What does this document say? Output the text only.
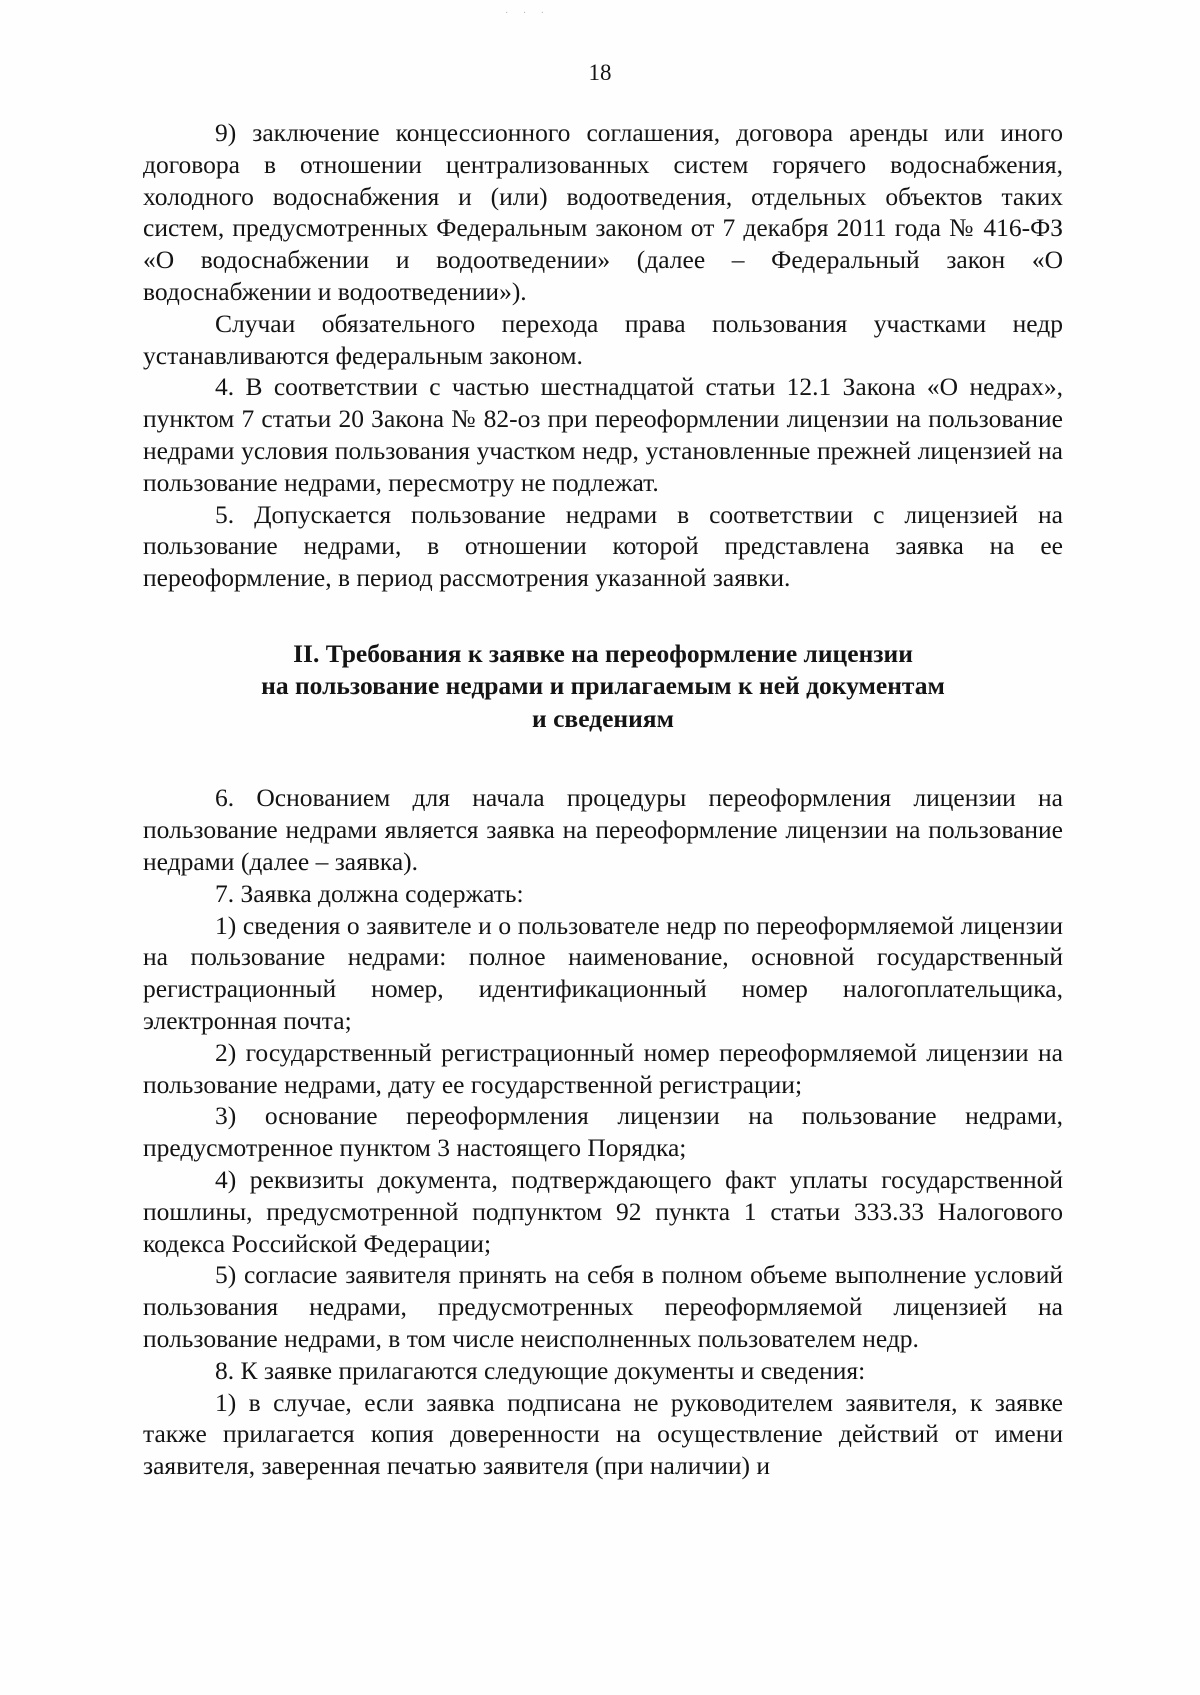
· · ·
18

9) заключение концессионного соглашения, договора аренды или иного договора в отношении централизованных систем горячего водоснабжения, холодного водоснабжения и (или) водоотведения, отдельных объектов таких систем, предусмотренных Федеральным законом от 7 декабря 2011 года № 416-ФЗ «О водоснабжении и водоотведении» (далее – Федеральный закон «О водоснабжении и водоотведении»).

Случаи обязательного перехода права пользования участками недр устанавливаются федеральным законом.

4. В соответствии с частью шестнадцатой статьи 12.1 Закона «О недрах», пунктом 7 статьи 20 Закона № 82-оз при переоформлении лицензии на пользование недрами условия пользования участком недр, установленные прежней лицензией на пользование недрами, пересмотру не подлежат.

5. Допускается пользование недрами в соответствии с лицензией на пользование недрами, в отношении которой представлена заявка на ее переоформление, в период рассмотрения указанной заявки.

II. Требования к заявке на переоформление лицензии
на пользование недрами и прилагаемым к ней документам
и сведениям

6. Основанием для начала процедуры переоформления лицензии на пользование недрами является заявка на переоформление лицензии на пользование недрами (далее – заявка).

7. Заявка должна содержать:

1) сведения о заявителе и о пользователе недр по переоформляемой лицензии на пользование недрами: полное наименование, основной государственный регистрационный номер, идентификационный номер налогоплательщика, электронная почта;

2) государственный регистрационный номер переоформляемой лицензии на пользование недрами, дату ее государственной регистрации;

3) основание переоформления лицензии на пользование недрами, предусмотренное пунктом 3 настоящего Порядка;

4) реквизиты документа, подтверждающего факт уплаты государственной пошлины, предусмотренной подпунктом 92 пункта 1 статьи 333.33 Налогового кодекса Российской Федерации;

5) согласие заявителя принять на себя в полном объеме выполнение условий пользования недрами, предусмотренных переоформляемой лицензией на пользование недрами, в том числе неисполненных пользователем недр.

8. К заявке прилагаются следующие документы и сведения:

1) в случае, если заявка подписана не руководителем заявителя, к заявке также прилагается копия доверенности на осуществление действий от имени заявителя, заверенная печатью заявителя (при наличии) и
